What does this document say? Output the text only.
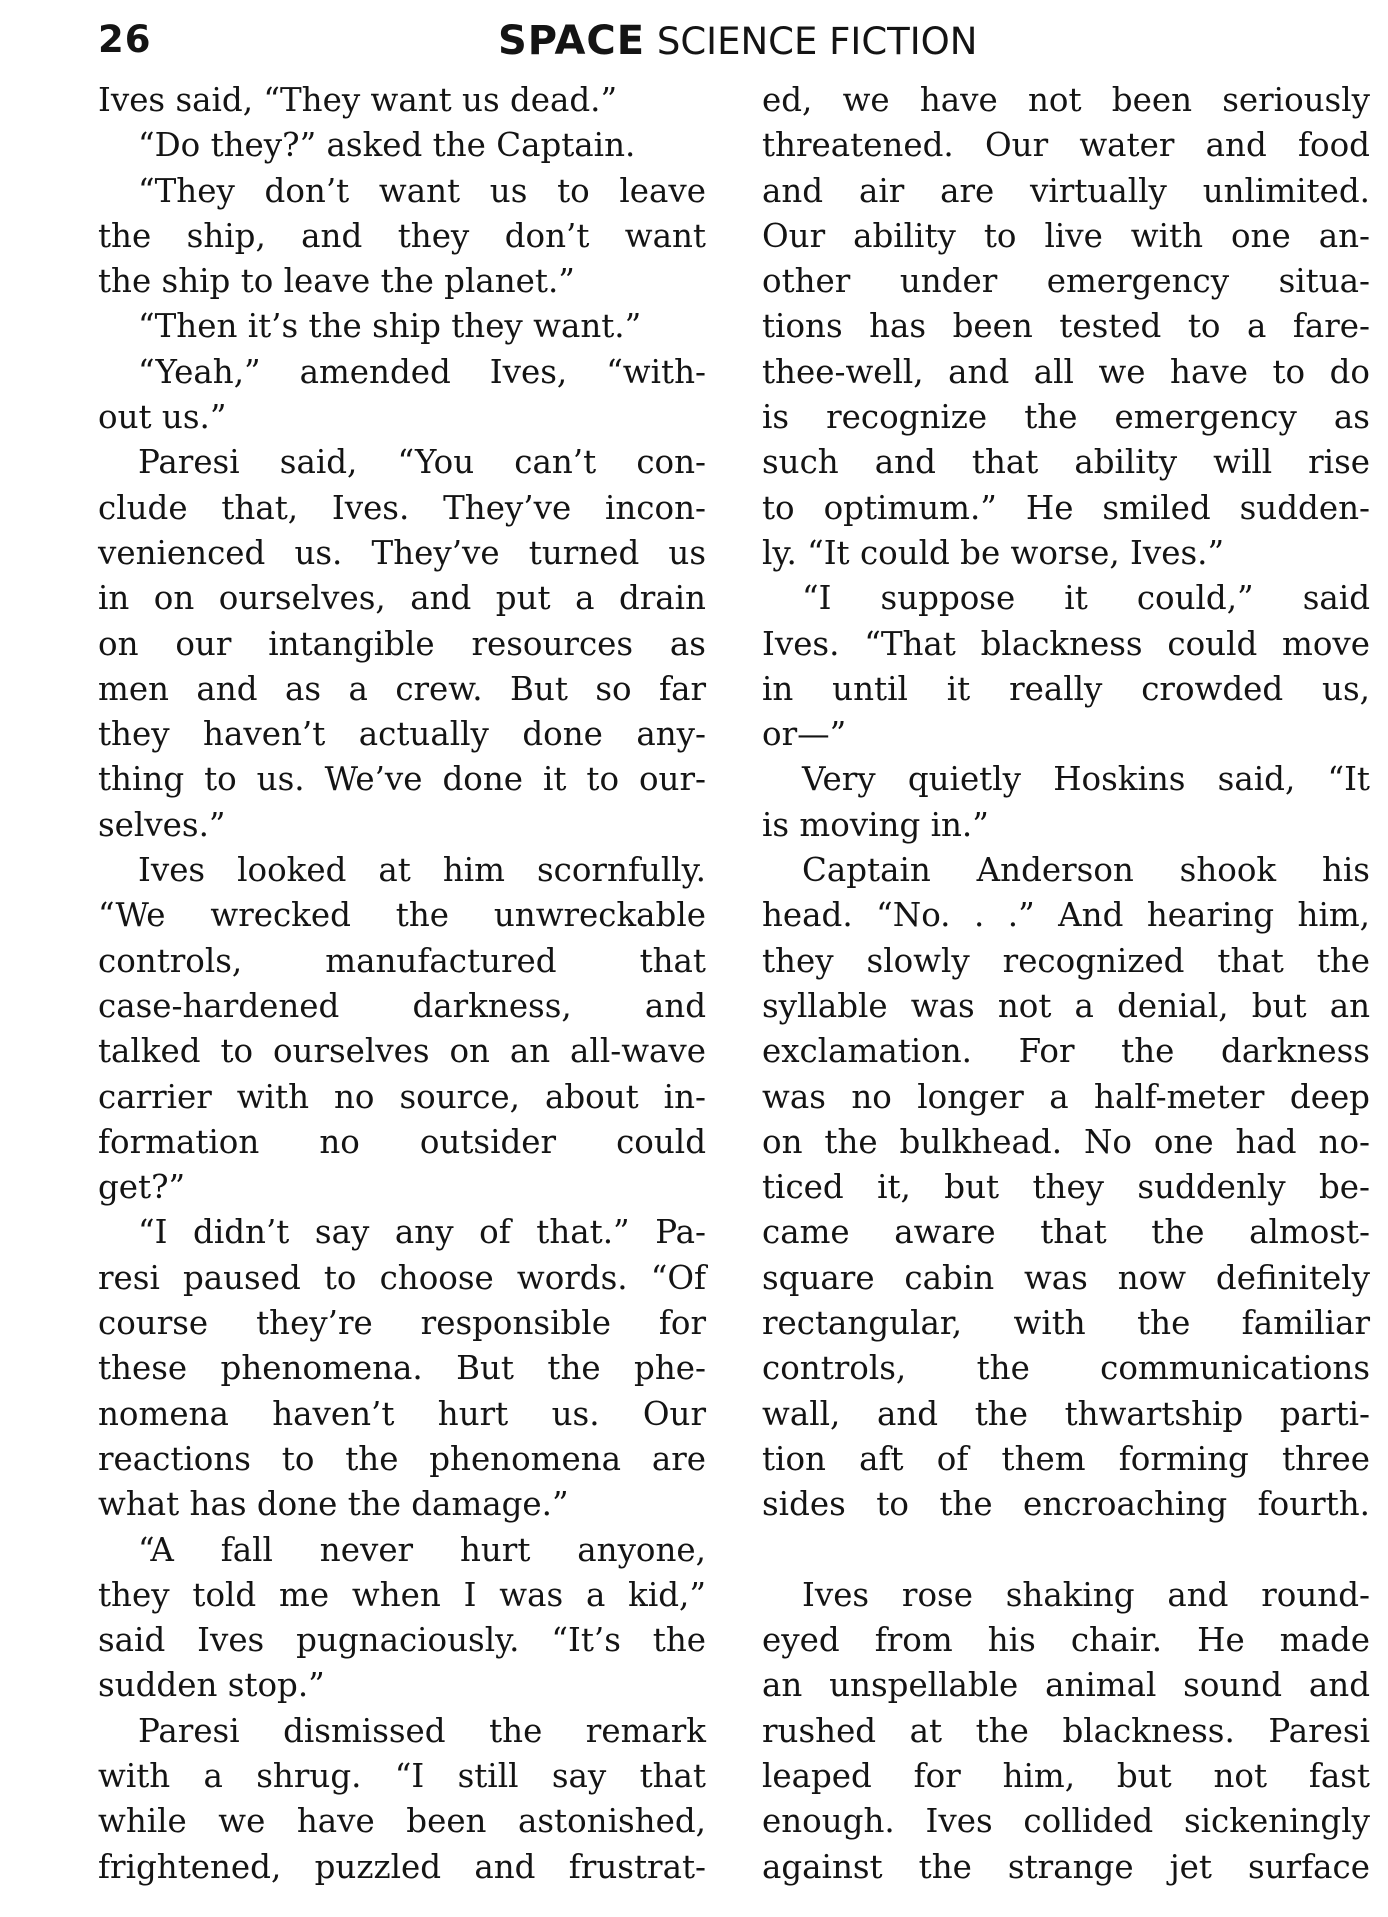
26	SPACE SCIENCE FICTION
Ives said, “They want us dead.”
“Do they?” asked the Captain.
“They don’t want us to leave
the ship, and they don’t want
the ship to leave the planet.”
“Then it’s the ship they want.”
“Yeah,” amended Ives, “with-
out us.”
Paresi said, “You can’t con-
clude that, Ives. They’ve incon-
venienced us. They’ve turned us
in on ourselves, and put a drain
on our intangible resources as
men and as a crew. But so far
they haven’t actually done any-
thing to us. We’ve done it to our-
selves.”
Ives looked at him scornfully.
“We wrecked the unwreckable
controls, manufactured that
case-hardened darkness, and
talked to ourselves on an all-wave
carrier with no source, about in-
formation no outsider could
get?”
“I didn’t say any of that.” Pa-
resi paused to choose words. “Of
course they’re responsible for
these phenomena. But the phe-
nomena haven’t hurt us. Our
reactions to the phenomena are
what has done the damage.”
“A fall never hurt anyone,
they told me when I was a kid,”
said Ives pugnaciously. “It’s the
sudden stop.”
Paresi dismissed the remark
with a shrug. “I still say that
while we have been astonished,
frightened, puzzled and frustrat-
ed, we have not been seriously
threatened. Our water and food
and air are virtually unlimited.
Our ability to live with one an-
other under emergency situa-
tions has been tested to a fare-
thee-well, and all we have to do
is recognize the emergency as
such and that ability will rise
to optimum.” He smiled sudden-
ly. “It could be worse, Ives.”
“I suppose it could,” said
Ives. “That blackness could move
in until it really crowded us,
or—”
Very quietly Hoskins said, “It
is moving in.”
Captain Anderson shook his
head. “No. . .” And hearing him,
they slowly recognized that the
syllable was not a denial, but an
exclamation. For the darkness
was no longer a half-meter deep
on the bulkhead. No one had no-
ticed it, but they suddenly be-
came aware that the almost-
square cabin was now definitely
rectangular, with the familiar
controls, the communications
wall, and the thwartship parti-
tion aft of them forming three
sides to the encroaching fourth.
Ives rose shaking and round-
eyed from his chair. He made
an unspellable animal sound and
rushed at the blackness. Paresi
leaped for him, but not fast
enough. Ives collided sickeningly
against the strange jet surface
